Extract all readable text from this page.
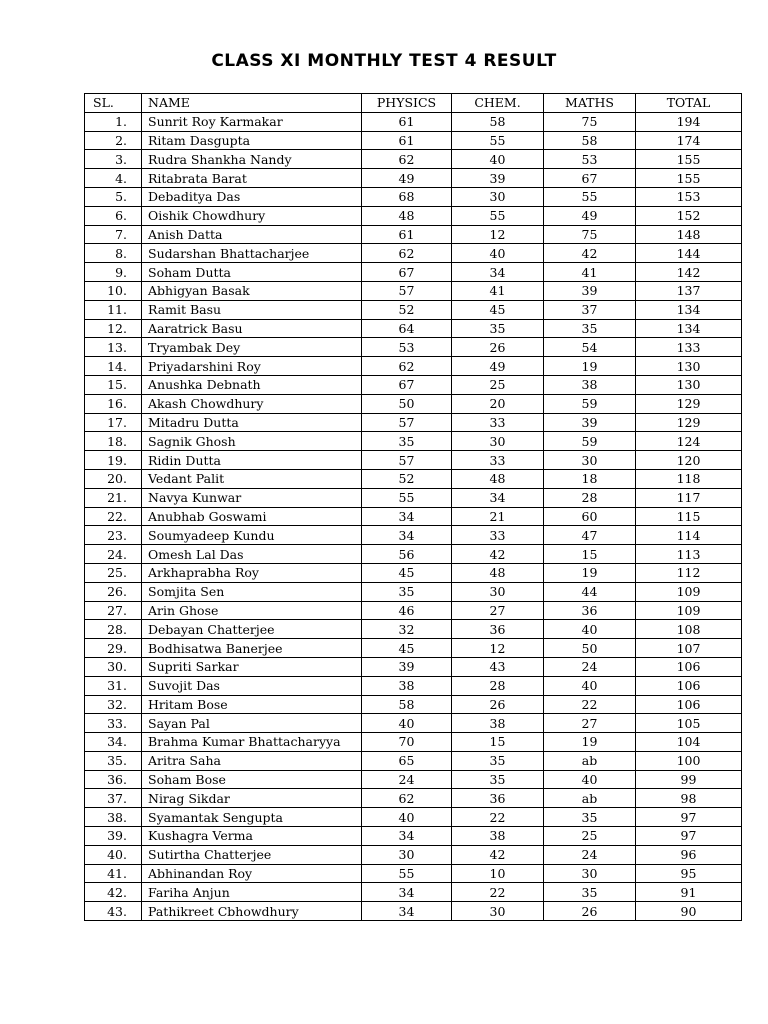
CLASS XI MONTHLY TEST 4 RESULT
SL.	NAME	PHYSICS	CHEM.	MATHS	TOTAL
1.	Sunrit Roy Karmakar	61	58	75	194
2.	Ritam Dasgupta	61	55	58	174
3.	Rudra Shankha Nandy	62	40	53	155
4.	Ritabrata Barat	49	39	67	155
5.	Debaditya Das	68	30	55	153
6.	Oishik Chowdhury	48	55	49	152
7.	Anish Datta	61	12	75	148
8.	Sudarshan Bhattacharjee	62	40	42	144
9.	Soham Dutta	67	34	41	142
10.	Abhigyan Basak	57	41	39	137
11.	Ramit Basu	52	45	37	134
12.	Aaratrick Basu	64	35	35	134
13.	Tryambak Dey	53	26	54	133
14.	Priyadarshini Roy	62	49	19	130
15.	Anushka Debnath	67	25	38	130
16.	Akash Chowdhury	50	20	59	129
17.	Mitadru Dutta	57	33	39	129
18.	Sagnik Ghosh	35	30	59	124
19.	Ridin Dutta	57	33	30	120
20.	Vedant Palit	52	48	18	118
21.	Navya Kunwar	55	34	28	117
22.	Anubhab Goswami	34	21	60	115
23.	Soumyadeep Kundu	34	33	47	114
24.	Omesh Lal Das	56	42	15	113
25.	Arkhaprabha Roy	45	48	19	112
26.	Somjita Sen	35	30	44	109
27.	Arin Ghose	46	27	36	109
28.	Debayan Chatterjee	32	36	40	108
29.	Bodhisatwa Banerjee	45	12	50	107
30.	Supriti Sarkar	39	43	24	106
31.	Suvojit Das	38	28	40	106
32.	Hritam Bose	58	26	22	106
33.	Sayan Pal	40	38	27	105
34.	Brahma Kumar Bhattacharyya	70	15	19	104
35.	Aritra Saha	65	35	ab	100
36.	Soham Bose	24	35	40	99
37.	Nirag Sikdar	62	36	ab	98
38.	Syamantak Sengupta	40	22	35	97
39.	Kushagra Verma	34	38	25	97
40.	Sutirtha Chatterjee	30	42	24	96
41.	Abhinandan Roy	55	10	30	95
42.	Fariha Anjun	34	22	35	91
43.	Pathikreet Cbhowdhury	34	30	26	90
